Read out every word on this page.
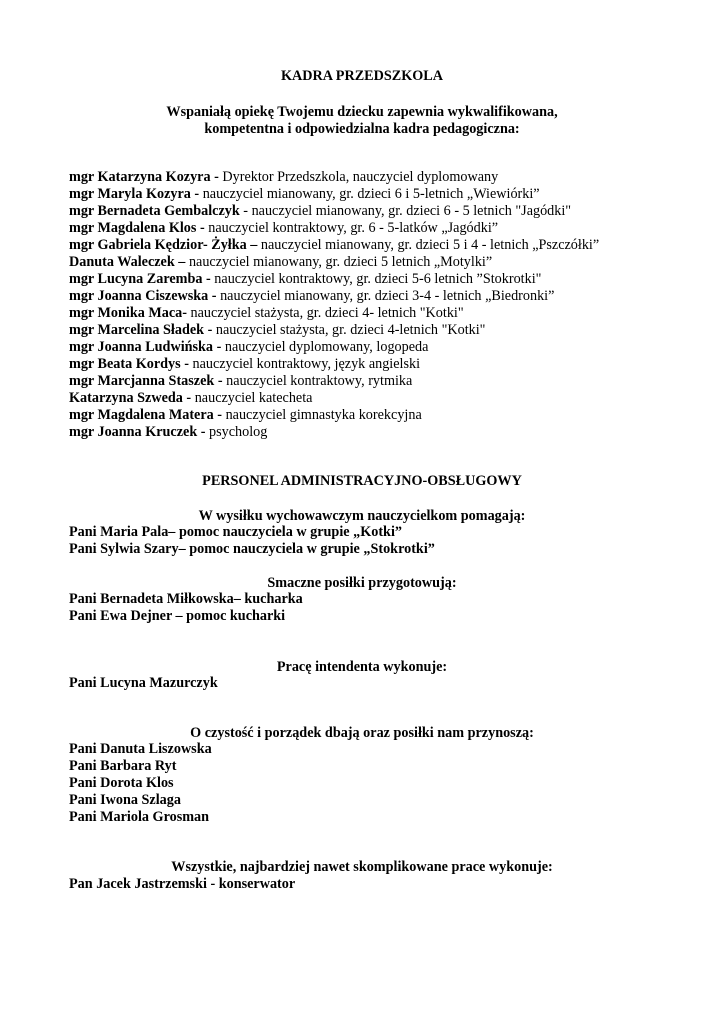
KADRA PRZEDSZKOLA

Wspaniałą opiekę Twojemu dziecku zapewnia wykwalifikowana,

kompetentna i odpowiedzialna kadra pedagogiczna:

mgr Katarzyna Kozyra - Dyrektor Przedszkola, nauczyciel dyplomowany

mgr Maryla Kozyra - nauczyciel mianowany, gr. dzieci 6 i 5-letnich „Wiewiórki”

mgr Bernadeta Gembalczyk - nauczyciel mianowany, gr. dzieci 6 - 5 letnich "Jagódki"

mgr Magdalena Klos - nauczyciel kontraktowy, gr. 6 - 5-latków „Jagódki”

mgr Gabriela Kędzior- Żyłka – nauczyciel mianowany, gr. dzieci 5 i 4 - letnich „Pszczółki”

Danuta Waleczek – nauczyciel mianowany, gr. dzieci 5 letnich „Motylki”

mgr Lucyna Zaremba - nauczyciel kontraktowy, gr. dzieci 5-6 letnich ”Stokrotki"

mgr Joanna Ciszewska - nauczyciel mianowany, gr. dzieci 3-4 - letnich „Biedronki”

mgr Monika Maca- nauczyciel stażysta, gr. dzieci 4- letnich "Kotki"

mgr Marcelina Sładek - nauczyciel stażysta, gr. dzieci 4-letnich "Kotki"

mgr Joanna Ludwińska - nauczyciel dyplomowany, logopeda

mgr Beata Kordys - nauczyciel kontraktowy, język angielski

mgr Marcjanna Staszek - nauczyciel kontraktowy, rytmika

Katarzyna Szweda - nauczyciel katecheta

mgr Magdalena Matera - nauczyciel gimnastyka korekcyjna

mgr Joanna Kruczek - psycholog

PERSONEL ADMINISTRACYJNO-OBSŁUGOWY

W wysiłku wychowawczym nauczycielkom pomagają:

Pani Maria Pala– pomoc nauczyciela w grupie „Kotki”

Pani Sylwia Szary– pomoc nauczyciela w grupie „Stokrotki”

Smaczne posiłki przygotowują:

Pani Bernadeta Miłkowska– kucharka

Pani Ewa Dejner – pomoc kucharki

Pracę intendenta wykonuje:

Pani Lucyna Mazurczyk

O czystość i porządek dbają oraz posiłki nam przynoszą:

Pani Danuta Liszowska

Pani Barbara Ryt

Pani Dorota Klos

Pani Iwona Szlaga

Pani Mariola Grosman

Wszystkie, najbardziej nawet skomplikowane prace wykonuje:

Pan Jacek Jastrzemski - konserwator
